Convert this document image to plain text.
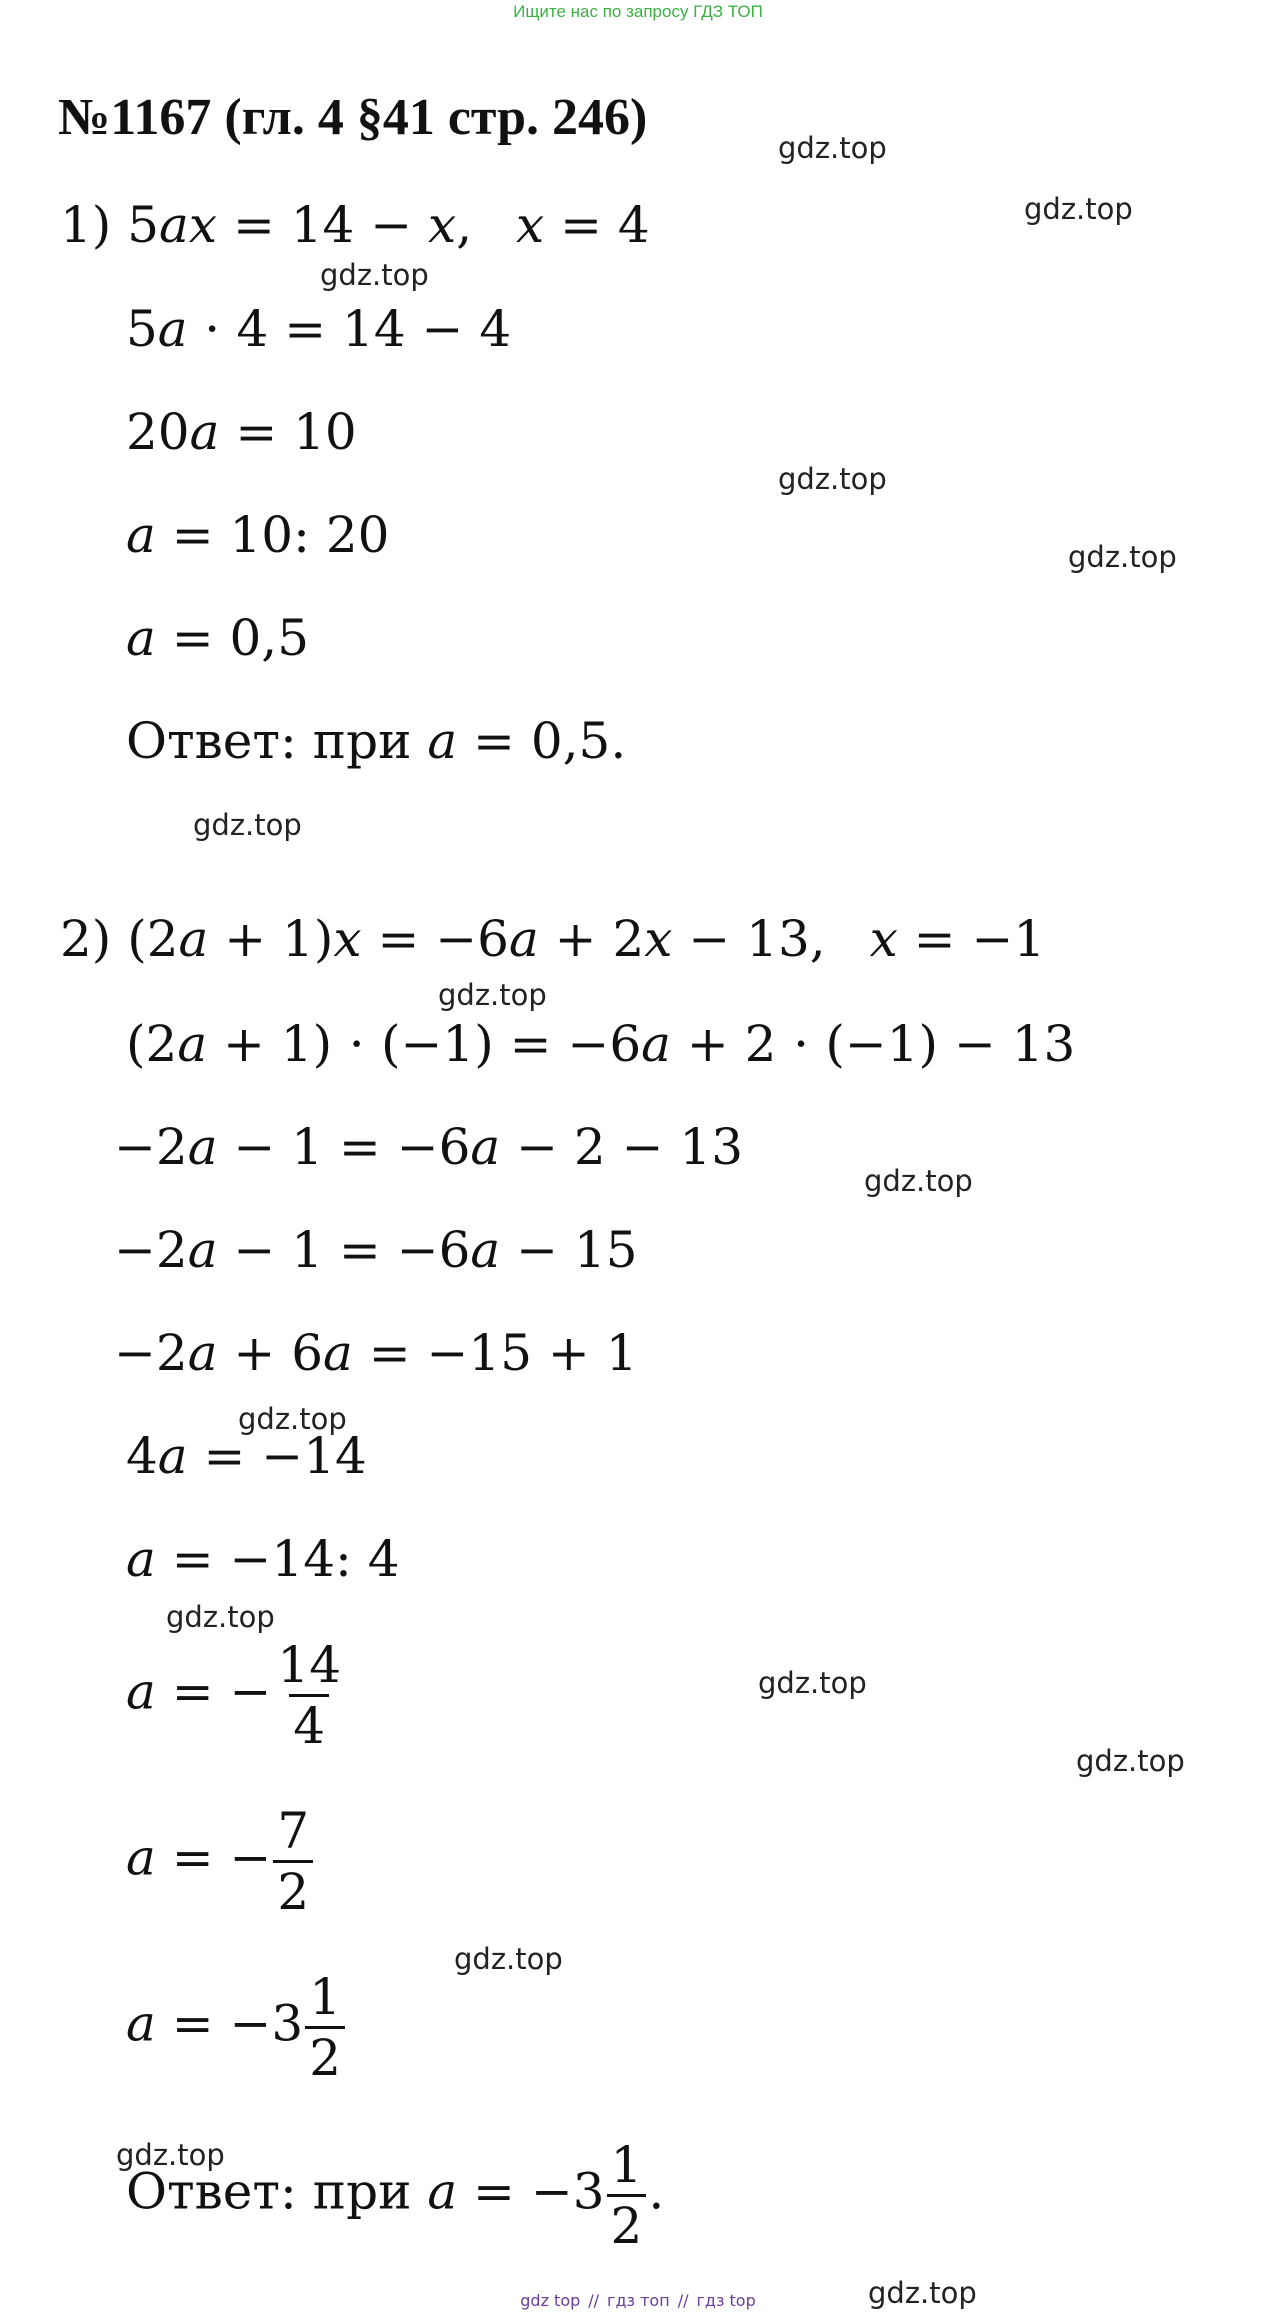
Ищите нас по запросу ГДЗ ТОП
№1167 (гл. 4 §41 стр. 246)
1) 5𝑎𝑥 = 14 − 𝑥, 𝑥 = 4
5𝑎 ⋅ 4 = 14 − 4
20𝑎 = 10
𝑎 = 10: 20
𝑎 = 0,5
Ответ: при 𝑎 = 0,5.
2) (2𝑎 + 1)𝑥 = −6𝑎 + 2𝑥 − 13, 𝑥 = −1
(2𝑎 + 1) ⋅ (−1) = −6𝑎 + 2 ⋅ (−1) − 13
−2𝑎 − 1 = −6𝑎 − 2 − 13
−2𝑎 − 1 = −6𝑎 − 15
−2𝑎 + 6𝑎 = −15 + 1
4𝑎 = −14
𝑎 = −14: 4
𝑎 = − $\frac{14}{4}$
𝑎 = − $\frac{7}{2}$
𝑎 = $-3 \frac{1}{2}$
Ответ: при 𝑎 = $-3 \frac{1}{2}$ .
gdz.top
gdz.top
gdz.top
gdz.top
gdz.top
gdz.top
gdz.top
gdz.top
gdz.top
gdz.top
gdz.top
gdz.top
gdz.top
gdz.top
gdz.top
gdz top // гдз топ // гдз top
